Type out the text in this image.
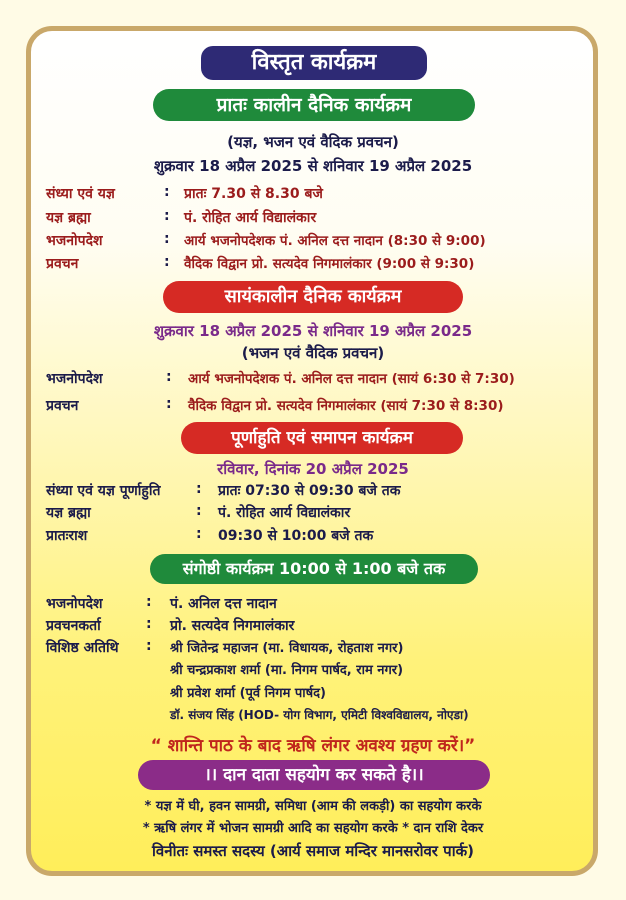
विस्तृत कार्यक्रम
प्रातः कालीन दैनिक कार्यक्रम
(यज्ञ, भजन एवं वैदिक प्रवचन)
शुक्रवार 18 अप्रैल 2025 से शनिवार 19 अप्रैल 2025
संध्या एवं यज्ञ	: प्रातः 7.30 से 8.30 बजे
यज्ञ ब्रह्मा	: पं. रोहित आर्य विद्यालंकार
भजनोपदेश	: आर्य भजनोपदेशक पं. अनिल दत्त नादान (8:30 से 9:00)
प्रवचन	: वैदिक विद्वान प्रो. सत्यदेव निगमालंकार (9:00 से 9:30)
सायंकालीन दैनिक कार्यक्रम
शुक्रवार 18 अप्रैल 2025 से शनिवार 19 अप्रैल 2025
(भजन एवं वैदिक प्रवचन)
भजनोपदेश	: आर्य भजनोपदेशक पं. अनिल दत्त नादान (सायं 6:30 से 7:30)
प्रवचन	: वैदिक विद्वान प्रो. सत्यदेव निगमालंकार (सायं 7:30 से 8:30)
पूर्णाहुति एवं समापन कार्यक्रम
रविवार, दिनांक 20 अप्रैल 2025
संध्या एवं यज्ञ पूर्णाहुति	: प्रातः 07:30 से 09:30 बजे तक
यज्ञ ब्रह्मा	: पं. रोहित आर्य विद्यालंकार
प्रातःराश	: 09:30 से 10:00 बजे तक
संगोष्ठी कार्यक्रम 10:00 से 1:00 बजे तक
भजनोपदेश	: पं. अनिल दत्त नादान
प्रवचनकर्ता	: प्रो. सत्यदेव निगमालंकार
विशिष्ठ अतिथि : श्री जितेन्द्र महाजन (मा. विधायक, रोहताश नगर)
श्री चन्द्रप्रकाश शर्मा (मा. निगम पार्षद, राम नगर)
श्री प्रवेश शर्मा (पूर्व निगम पार्षद)
डॉ. संजय सिंह (HOD- योग विभाग, एमिटी विश्वविद्यालय, नोएडा)
“ शान्ति पाठ के बाद ऋषि लंगर अवश्य ग्रहण करें।”
।। दान दाता सहयोग कर सकते है।।
* यज्ञ में घी, हवन सामग्री, समिधा (आम की लकड़ी) का सहयोग करके
* ऋषि लंगर में भोजन सामग्री आदि का सहयोग करके * दान राशि देकर
विनीतः समस्त सदस्य (आर्य समाज मन्दिर मानसरोवर पार्क)
